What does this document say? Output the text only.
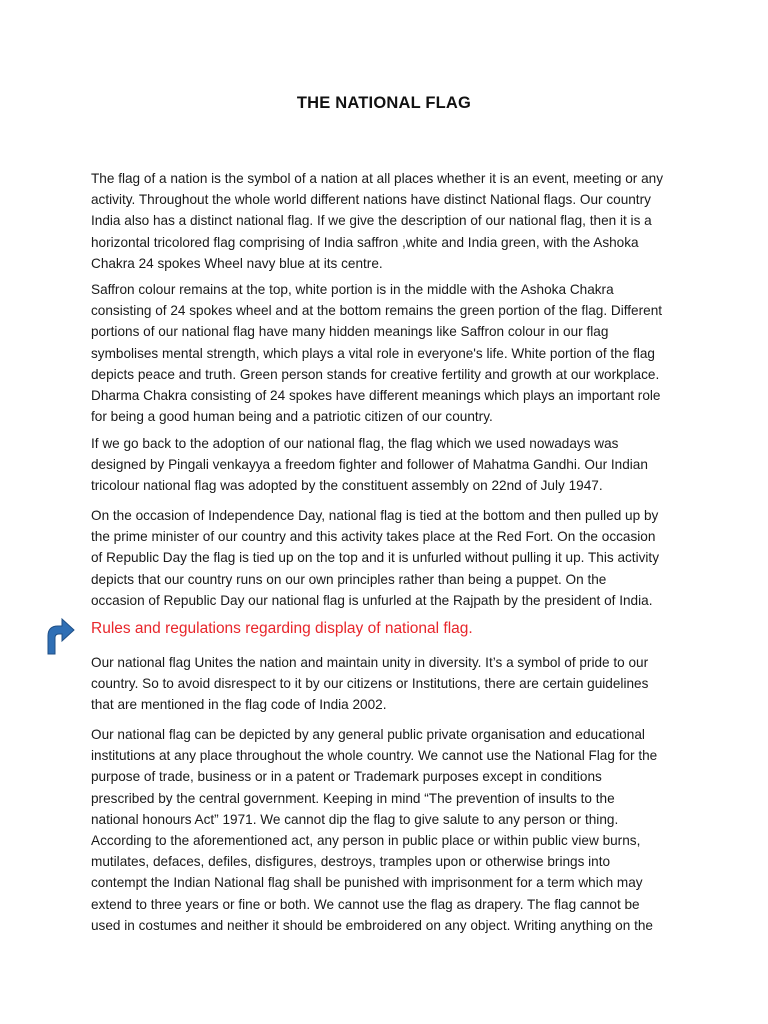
THE NATIONAL FLAG
The flag of a nation is the symbol of a nation at all places whether it is an event, meeting or any
activity. Throughout the whole world different nations have distinct National flags. Our country
India also has a distinct national flag. If we give the description of our national flag, then it is a
horizontal tricolored flag comprising of India saffron ,white and India green, with the Ashoka
Chakra 24 spokes Wheel navy blue at its centre.
Saffron colour remains at the top, white portion is in the middle with the Ashoka Chakra
consisting of 24 spokes wheel and at the bottom remains the green portion of the flag. Different
portions of our national flag have many hidden meanings like Saffron colour in our flag
symbolises mental strength, which plays a vital role in everyone's life. White portion of the flag
depicts peace and truth. Green person stands for creative fertility and growth at our workplace.
Dharma Chakra consisting of 24 spokes have different meanings which plays an important role
for being a good human being and a patriotic citizen of our country.
If we go back to the adoption of our national flag, the flag which we used nowadays was
designed by Pingali venkayya a freedom fighter and follower of Mahatma Gandhi. Our Indian
tricolour national flag was adopted by the constituent assembly on 22nd of July 1947.
On the occasion of Independence Day, national flag is tied at the bottom and then pulled up by
the prime minister of our country and this activity takes place at the Red Fort. On the occasion
of Republic Day the flag is tied up on the top and it is unfurled without pulling it up. This activity
depicts that our country runs on our own principles rather than being a puppet. On the
occasion of Republic Day our national flag is unfurled at the Rajpath by the president of India.
Rules and regulations regarding display of national flag.
Our national flag Unites the nation and maintain unity in diversity. It’s a symbol of pride to our
country. So to avoid disrespect to it by our citizens or Institutions, there are certain guidelines
that are mentioned in the flag code of India 2002.
Our national flag can be depicted by any general public private organisation and educational
institutions at any place throughout the whole country. We cannot use the National Flag for the
purpose of trade, business or in a patent or Trademark purposes except in conditions
prescribed by the central government. Keeping in mind “The prevention of insults to the
national honours Act” 1971. We cannot dip the flag to give salute to any person or thing.
According to the aforementioned act, any person in public place or within public view burns,
mutilates, defaces, defiles, disfigures, destroys, tramples upon or otherwise brings into
contempt the Indian National flag shall be punished with imprisonment for a term which may
extend to three years or fine or both. We cannot use the flag as drapery. The flag cannot be
used in costumes and neither it should be embroidered on any object. Writing anything on the
